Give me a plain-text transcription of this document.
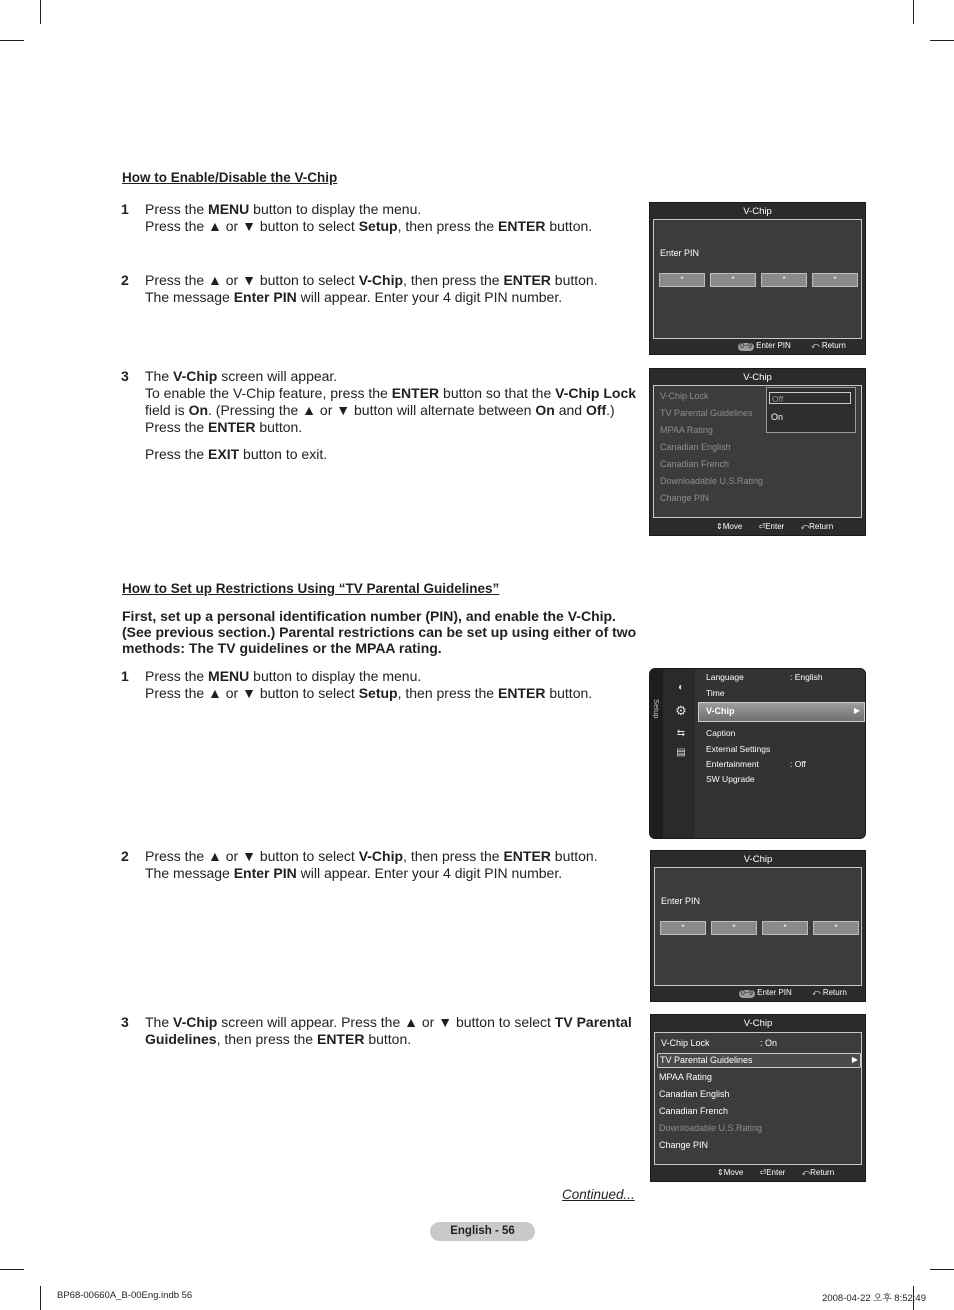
How to Enable/Disable the V-Chip
1 Press the MENU button to display the menu.
Press the ▲ or ▼ button to select Setup, then press the ENTER button.
2 Press the ▲ or ▼ button to select V-Chip, then press the ENTER button.
The message Enter PIN will appear. Enter your 4 digit PIN number.
3 The V-Chip screen will appear.
To enable the V-Chip feature, press the ENTER button so that the V-Chip Lock
field is On. (Pressing the ▲ or ▼ button will alternate between On and Off.)
Press the ENTER button.

Press the EXIT button to exit.
V-Chip
Enter PIN
*	*	*	*
0~9 Enter PIN	⤺ Return
V-Chip
V-Chip Lock
TV Parental Guidelines
MPAA Rating
Canadian English
Canadian French
Downloadable U.S.Rating
Change PIN
Off
On
⇕Move ⏎Enter ⤺Return
How to Set up Restrictions Using “TV Parental Guidelines”
First, set up a personal identification number (PIN), and enable the V-Chip.
(See previous section.) Parental restrictions can be set up using either of two
methods: The TV guidelines or the MPAA rating.
1 Press the MENU button to display the menu.
Press the ▲ or ▼ button to select Setup, then press the ENTER button.
2 Press the ▲ or ▼ button to select V-Chip, then press the ENTER button.
The message Enter PIN will appear. Enter your 4 digit PIN number.
3 The V-Chip screen will appear. Press the ▲ or ▼ button to select TV Parental
Guidelines, then press the ENTER button.
Setup
◐
⚙
⇆
▤
Language	: English
Time
V-Chip	▶
Caption
External Settings
Entertainment	: Off
SW Upgrade
V-Chip
Enter PIN
*	*	*	*
0~9 Enter PIN	⤺ Return
V-Chip
V-Chip Lock	: On
TV Parental Guidelines	▶
MPAA Rating
Canadian English
Canadian French
Downloadable U.S.Rating
Change PIN
⇕Move ⏎Enter ⤺Return
Continued...
English - 56
BP68-00660A_B-00Eng.indb 56	2008-04-22 오후 8:52:49
